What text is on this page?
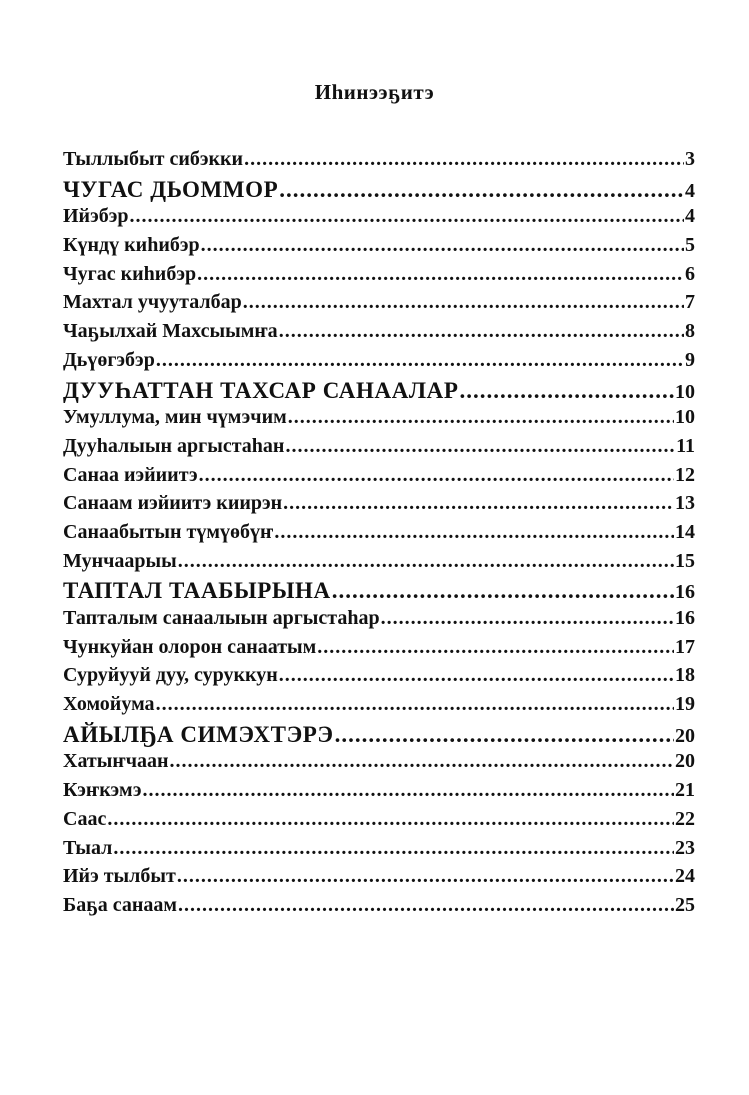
Иһинээҕитэ
Тыллыбыт сибэкки .....	3
ЧУГАС ДЬОММОР .....	4
Ийэбэр .....	4
Күндү киһибэр .....	5
Чугас киһибэр .....	6
Махтал учууталбар .....	7
Чаҕылхай Махсыымҥа .....	8
Дьүөгэбэр .....	9
ДУУҺАТТАН ТАХСАР САНААЛАР .....	10
Умуллума, мин чүмэчим .....	10
Дууһалыын аргыстаһан .....	11
Санаа иэйиитэ .....	12
Санаам иэйиитэ киирэн .....	13
Санаабытын түмүөбүҥ .....	14
Мунчаарыы .....	15
ТАПТАЛ ТААБЫРЫНА .....	16
Тапталым санаалыын аргыстаһар .....	16
Чункуйан олорон санаатым .....	17
Суруйууй дуу, суруккун .....	18
Хомойума .....	19
АЙЫЛҔА СИМЭХТЭРЭ .....	20
Хатыҥчаан .....	20
Кэҥкэмэ .....	21
Саас .....	22
Тыал .....	23
Ийэ тылбыт .....	24
Баҕа санаам .....	25
